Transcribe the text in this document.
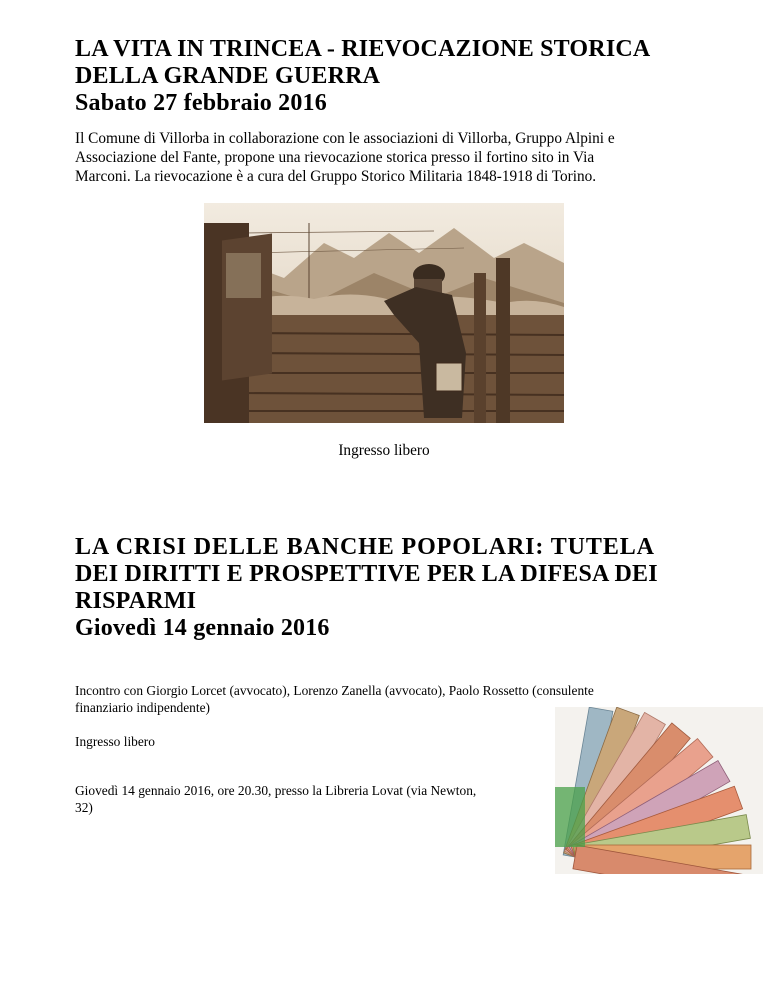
LA VITA IN TRINCEA - RIEVOCAZIONE STORICA
DELLA GRANDE GUERRA
Sabato 27 febbraio 2016

Il Comune di Villorba in collaborazione con le associazioni di Villorba, Gruppo Alpini e

Associazione del Fante, propone una rievocazione storica presso il fortino sito in Via

Marconi. La rievocazione è a cura del Gruppo Storico Militaria 1848-1918 di Torino.

Ingresso libero

LA CRISI DELLE BANCHE POPOLARI: TUTELA
DEI DIRITTI E PROSPETTIVE PER LA DIFESA DEI
RISPARMI
Giovedì 14 gennaio 2016

Incontro con Giorgio Lorcet (avvocato), Lorenzo Zanella (avvocato), Paolo Rossetto (consulente

finanziario indipendente)

Ingresso libero

Giovedì 14 gennaio 2016, ore 20.30, presso la Libreria Lovat (via Newton,

32)
